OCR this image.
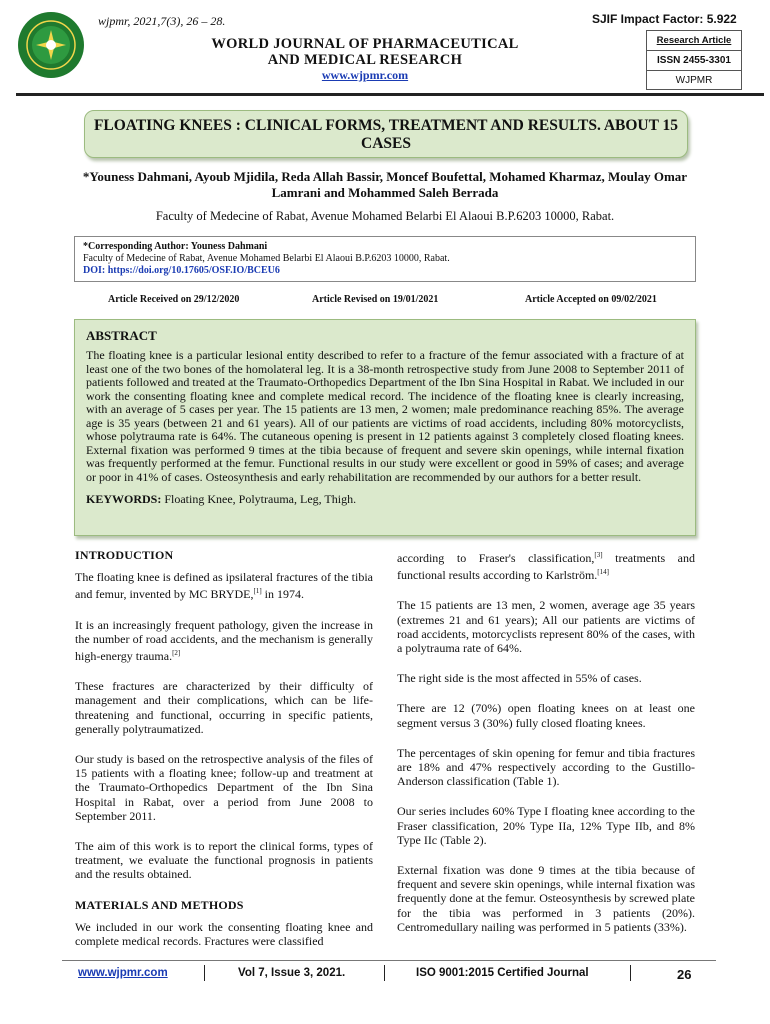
wjpmr, 2021,7(3), 26 – 28.	SJIF Impact Factor: 5.922
WORLD JOURNAL OF PHARMACEUTICAL
AND MEDICAL RESEARCH
www.wjpmr.com
Research Article
ISSN 2455-3301
WJPMR
FLOATING KNEES : CLINICAL FORMS, TREATMENT AND RESULTS. ABOUT 15 CASES
*Youness Dahmani, Ayoub Mjidila, Reda Allah Bassir, Moncef Boufettal, Mohamed Kharmaz, Moulay Omar Lamrani and Mohammed Saleh Berrada
Faculty of Medecine of Rabat, Avenue Mohamed Belarbi El Alaoui B.P.6203 10000, Rabat.
*Corresponding Author: Youness Dahmani
Faculty of Medecine of Rabat, Avenue Mohamed Belarbi El Alaoui B.P.6203 10000, Rabat.
DOI: https://doi.org/10.17605/OSF.IO/BCEU6
Article Received on 29/12/2020	Article Revised on 19/01/2021	Article Accepted on 09/02/2021
ABSTRACT
The floating knee is a particular lesional entity described to refer to a fracture of the femur associated with a fracture of at least one of the two bones of the homolateral leg. It is a 38-month retrospective study from June 2008 to September 2011 of patients followed and treated at the Traumato-Orthopedics Department of the Ibn Sina Hospital in Rabat. We included in our work the consenting floating knee and complete medical record. The incidence of the floating knee is clearly increasing, with an average of 5 cases per year. The 15 patients are 13 men, 2 women; male predominance reaching 85%. The average age is 35 years (between 21 and 61 years). All of our patients are victims of road accidents, including 80% motorcyclists, whose polytrauma rate is 64%. The cutaneous opening is present in 12 patients against 3 completely closed floating knees. External fixation was performed 9 times at the tibia because of frequent and severe skin openings, while internal fixation was frequently performed at the femur. Functional results in our study were excellent or good in 59% of cases; and average or poor in 41% of cases. Osteosynthesis and early rehabilitation are recommended by our authors for a better result.
KEYWORDS: Floating Knee, Polytrauma, Leg, Thigh.
INTRODUCTION

The floating knee is defined as ipsilateral fractures of the tibia and femur, invented by MC BRYDE,[1] in 1974.

It is an increasingly frequent pathology, given the increase in the number of road accidents, and the mechanism is generally high-energy trauma.[2]

These fractures are characterized by their difficulty of management and their complications, which can be life-threatening and functional, occurring in specific patients, generally polytraumatized.

Our study is based on the retrospective analysis of the files of 15 patients with a floating knee; follow-up and treatment at the Traumato-Orthopedics Department of the Ibn Sina Hospital in Rabat, over a period from June 2008 to September 2011.

The aim of this work is to report the clinical forms, types of treatment, we evaluate the functional prognosis in patients and the results obtained.

MATERIALS AND METHODS

We included in our work the consenting floating knee and complete medical records. Fractures were classified

according to Fraser's classification,[3] treatments and functional results according to Karlström.[14]

The 15 patients are 13 men, 2 women, average age 35 years (extremes 21 and 61 years); All our patients are victims of road accidents, motorcyclists represent 80% of the cases, with a polytrauma rate of 64%.

The right side is the most affected in 55% of cases.

There are 12 (70%) open floating knees on at least one segment versus 3 (30%) fully closed floating knees.

The percentages of skin opening for femur and tibia fractures are 18% and 47% respectively according to the Gustillo-Anderson classification (Table 1).

Our series includes 60% Type I floating knee according to the Fraser classification, 20% Type IIa, 12% Type IIb, and 8% Type IIc (Table 2).

External fixation was done 9 times at the tibia because of frequent and severe skin openings, while internal fixation was frequently done at the femur. Osteosynthesis by screwed plate for the tibia was performed in 3 patients (20%). Centromedullary nailing was performed in 5 patients (33%).

www.wjpmr.com	Vol 7, Issue 3, 2021.	ISO 9001:2015 Certified Journal	26
